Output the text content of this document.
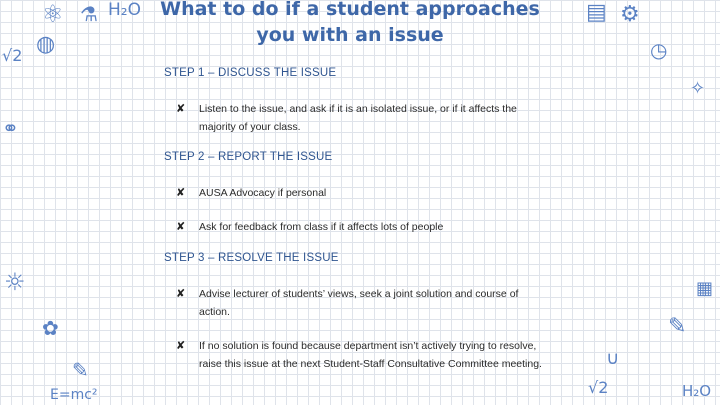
⚛ ⚗ H₂O
◍
√2
☼
✿
⚭
E=mc²
✎
⚙
▤
◷
✧
▦
✎
√2	H₂O
∪
What to do if a student approaches
you with an issue
STEP 1 – DISCUSS THE ISSUE
✘ Listen to the issue, and ask if it is an isolated issue, or if it affects the majority of your class.
STEP 2 – REPORT THE ISSUE
✘ AUSA Advocacy if personal
✘ Ask for feedback from class if it affects lots of people
STEP 3 – RESOLVE THE ISSUE
✘ Advise lecturer of students’ views, seek a joint solution and course of action.
✘ If no solution is found because department isn’t actively trying to resolve, raise this issue at the next Student-Staff Consultative Committee meeting.
